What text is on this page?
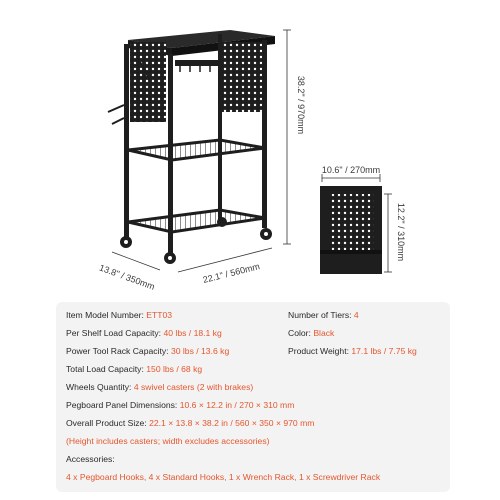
38.2" / 970mm
13.8" / 350mm	22.1" / 560mm
10.6" / 270mm
12.2" / 310mm
Item Model Number: ETT03
Per Shelf Load Capacity: 40 lbs / 18.1 kg
Power Tool Rack Capacity: 30 lbs / 13.6 kg
Total Load Capacity: 150 lbs / 68 kg
Wheels Quantity: 4 swivel casters (2 with brakes)
Pegboard Panel Dimensions: 10.6 × 12.2 in / 270 × 310 mm
Overall Product Size: 22.1 × 13.8 × 38.2 in / 560 × 350 × 970 mm
(Height includes casters; width excludes accessories)
Accessories:
4 x Pegboard Hooks, 4 x Standard Hooks, 1 x Wrench Rack, 1 x Screwdriver Rack
Number of Tiers: 4
Color: Black
Product Weight: 17.1 lbs / 7.75 kg
